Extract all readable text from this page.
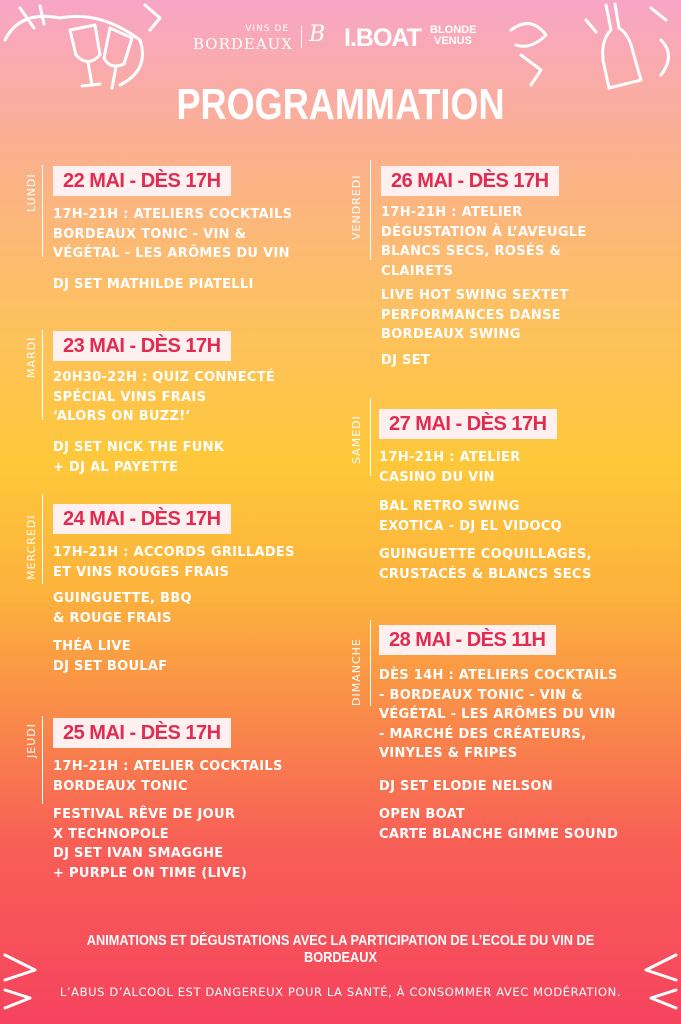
VINS DE
BORDEAUX B I.BOAT BLONDE
VENUS
PROGRAMMATION
LUNDI	22 MAI - DÈS 17H
17H-21H : ATELIERS COCKTAILS
BORDEAUX TONIC - VIN &
VÉGÉTAL - LES ARÔMES DU VIN
DJ SET MATHILDE PIATELLI
MARDI	23 MAI - DÈS 17H
20H30-22H : QUIZ CONNECTÉ
SPÉCIAL VINS FRAIS
‘ALORS ON BUZZ!’
DJ SET NICK THE FUNK
+ DJ AL PAYETTE
MERCREDI	24 MAI - DÈS 17H
17H-21H : ACCORDS GRILLADES
ET VINS ROUGES FRAIS
GUINGUETTE, BBQ
& ROUGE FRAIS
THÉA LIVE
DJ SET BOULAF
JEUDI	25 MAI - DÈS 17H
17H-21H : ATELIER COCKTAILS
BORDEAUX TONIC
FESTIVAL RÊVE DE JOUR
X TECHNOPOLE
DJ SET IVAN SMAGGHE
+ PURPLE ON TIME (LIVE)
VENDREDI	26 MAI - DÈS 17H
17H-21H : ATELIER
DÉGUSTATION À L’AVEUGLE
BLANCS SECS, ROSÉS &
CLAIRETS
LIVE HOT SWING SEXTET
PERFORMANCES DANSE
BORDEAUX SWING
DJ SET
SAMEDI	27 MAI - DÈS 17H
17H-21H : ATELIER
CASINO DU VIN
BAL RETRO SWING
EXOTICA - DJ EL VIDOCQ
GUINGUETTE COQUILLAGES,
CRUSTACÉS & BLANCS SECS
DIMANCHE	28 MAI - DÈS 11H
DÈS 14H : ATELIERS COCKTAILS
- BORDEAUX TONIC - VIN &
VÉGÉTAL - LES ARÔMES DU VIN
- MARCHÉ DES CRÉATEURS,
VINYLES & FRIPES
DJ SET ELODIE NELSON
OPEN BOAT
CARTE BLANCHE GIMME SOUND
ANIMATIONS ET DÉGUSTATIONS AVEC LA PARTICIPATION DE L’ECOLE DU VIN DE BORDEAUX
L’ABUS D’ALCOOL EST DANGEREUX POUR LA SANTÉ, À CONSOMMER AVEC MODÉRATION.
